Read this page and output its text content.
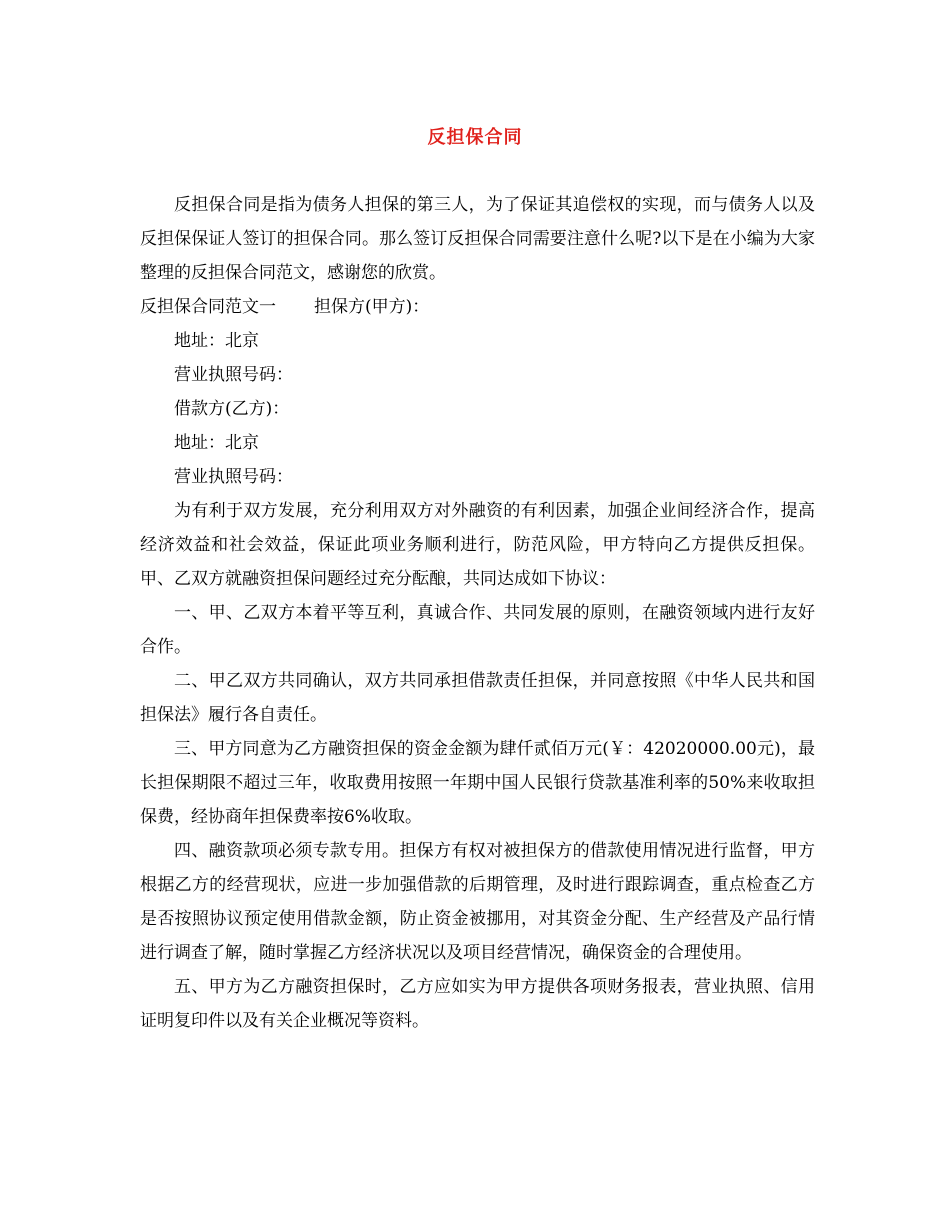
反担保合同

反担保合同是指为债务人担保的第三人，为了保证其追偿权的实现，而与债务人以及反担保保证人签订的担保合同。那么签订反担保合同需要注意什么呢?以下是在小编为大家整理的反担保合同范文，感谢您的欣赏。

反担保合同范文一 担保方(甲方)：

地址：北京

营业执照号码：

借款方(乙方)：

地址：北京

营业执照号码：

为有利于双方发展，充分利用双方对外融资的有利因素，加强企业间经济合作，提高经济效益和社会效益，保证此项业务顺利进行，防范风险，甲方特向乙方提供反担保。甲、乙双方就融资担保问题经过充分酝酿，共同达成如下协议：

一、甲、乙双方本着平等互利，真诚合作、共同发展的原则，在融资领域内进行友好合作。

二、甲乙双方共同确认，双方共同承担借款责任担保，并同意按照《中华人民共和国担保法》履行各自责任。

三、甲方同意为乙方融资担保的资金金额为肆仟贰佰万元(￥：42020000.00元)，最长担保期限不超过三年，收取费用按照一年期中国人民银行贷款基准利率的50%来收取担保费，经协商年担保费率按6%收取。

四、融资款项必须专款专用。担保方有权对被担保方的借款使用情况进行监督，甲方根据乙方的经营现状，应进一步加强借款的后期管理，及时进行跟踪调查，重点检查乙方是否按照协议预定使用借款金额，防止资金被挪用，对其资金分配、生产经营及产品行情进行调查了解，随时掌握乙方经济状况以及项目经营情况，确保资金的合理使用。

五、甲方为乙方融资担保时，乙方应如实为甲方提供各项财务报表，营业执照、信用证明复印件以及有关企业概况等资料。
